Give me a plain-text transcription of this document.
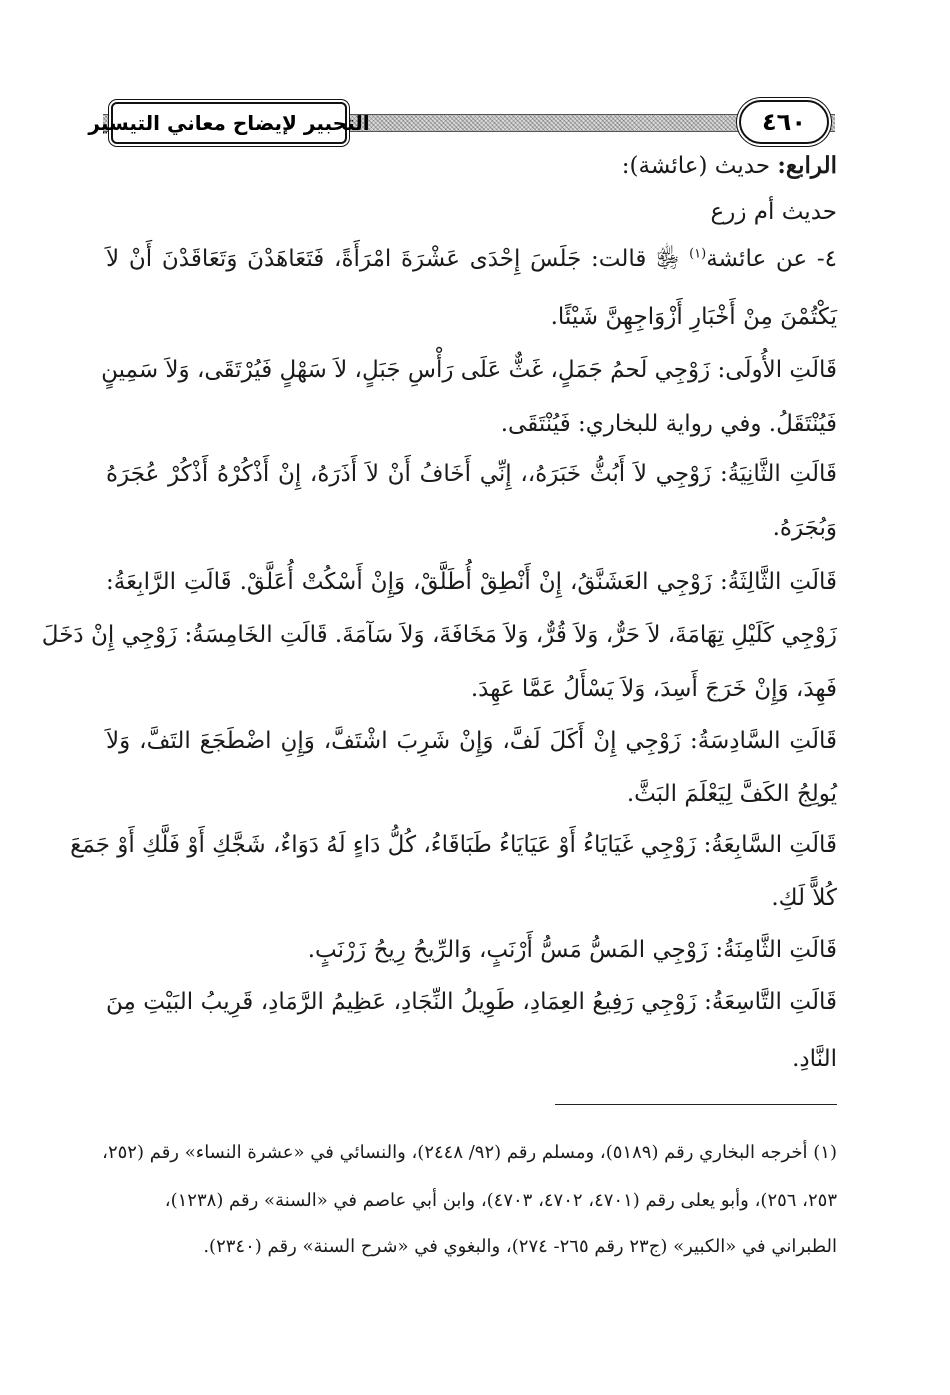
التحبير لإيضاح معاني التيسير	٤٦٠
الرابع: حديث (عائشة):
حديث أم زرع
٤- عن عائشة$^{(١)}$ ﵂ قالت: جَلَسَ إِحْدَى عَشْرَةَ امْرَأَةً، فَتَعَاهَدْنَ وَتَعَاقَدْنَ أَنْ لاَ
يَكْتُمْنَ مِنْ أَخْبَارِ أَزْوَاجِهِنَّ شَيْئًا.
قَالَتِ الأُولَى: زَوْجِي لَحمُ جَمَلٍ، غَثٌّ عَلَى رَأْسِ جَبَلٍ، لاَ سَهْلٍ فَيُرْتَقَى، وَلاَ سَمِينٍ
فَيُنْتَقَلُ. وفي رواية للبخاري: فَيُنْتَقَى.
قَالَتِ الثَّانِيَةُ: زَوْجِي لاَ أَبُثُّ خَبَرَهُ،، إِنِّي أَخَافُ أَنْ لاَ أَذَرَهُ، إِنْ أَذْكُرْهُ أَذْكُرْ عُجَرَهُ
وَبُجَرَهُ.
قَالَتِ الثَّالِثَةُ: زَوْجِي العَشَنَّقُ، إِنْ أَنْطِقْ أُطَلَّقْ، وَإِنْ أَسْكُتْ أُعَلَّقْ. قَالَتِ الرَّابِعَةُ:
زَوْجِي كَلَيْلِ تِهَامَةَ، لاَ حَرٌّ، وَلاَ قُرٌّ، وَلاَ مَخَافَةَ، وَلاَ سَآمَةَ. قَالَتِ الخَامِسَةُ: زَوْجِي إِنْ دَخَلَ
فَهِدَ، وَإِنْ خَرَجَ أَسِدَ، وَلاَ يَسْأَلُ عَمَّا عَهِدَ.
قَالَتِ السَّادِسَةُ: زَوْجِي إِنْ أَكَلَ لَفَّ، وَإِنْ شَرِبَ اشْتَفَّ، وَإِنِ اضْطَجَعَ التَفَّ، وَلاَ
يُولِجُ الكَفَّ لِيَعْلَمَ البَثَّ.
قَالَتِ السَّابِعَةُ: زَوْجِي غَيَايَاءُ أَوْ عَيَايَاءُ طَبَاقَاءُ، كُلُّ دَاءٍ لَهُ دَوَاءٌ، شَجَّكِ أَوْ فَلَّكِ أَوْ جَمَعَ
كُلاًّ لَكِ.
قَالَتِ الثَّامِنَةُ: زَوْجِي المَسُّ مَسُّ أَرْنَبٍ، وَالرِّيحُ رِيحُ زَرْنَبٍ.
قَالَتِ التَّاسِعَةُ: زَوْجِي رَفِيعُ العِمَادِ، طَوِيلُ النِّجَادِ، عَظِيمُ الرَّمَادِ، قَرِيبُ البَيْتِ مِنَ
النَّادِ.
(١) أخرجه البخاري رقم (٥١٨٩)، ومسلم رقم (٩٢/ ٢٤٤٨)، والنسائي في «عشرة النساء» رقم (٢٥٢،
٢٥٣، ٢٥٦)، وأبو يعلى رقم (٤٧٠١، ٤٧٠٢، ٤٧٠٣)، وابن أبي عاصم في «السنة» رقم (١٢٣٨)،
الطبراني في «الكبير» (ج٢٣ رقم ٢٦٥- ٢٧٤)، والبغوي في «شرح السنة» رقم (٢٣٤٠).
